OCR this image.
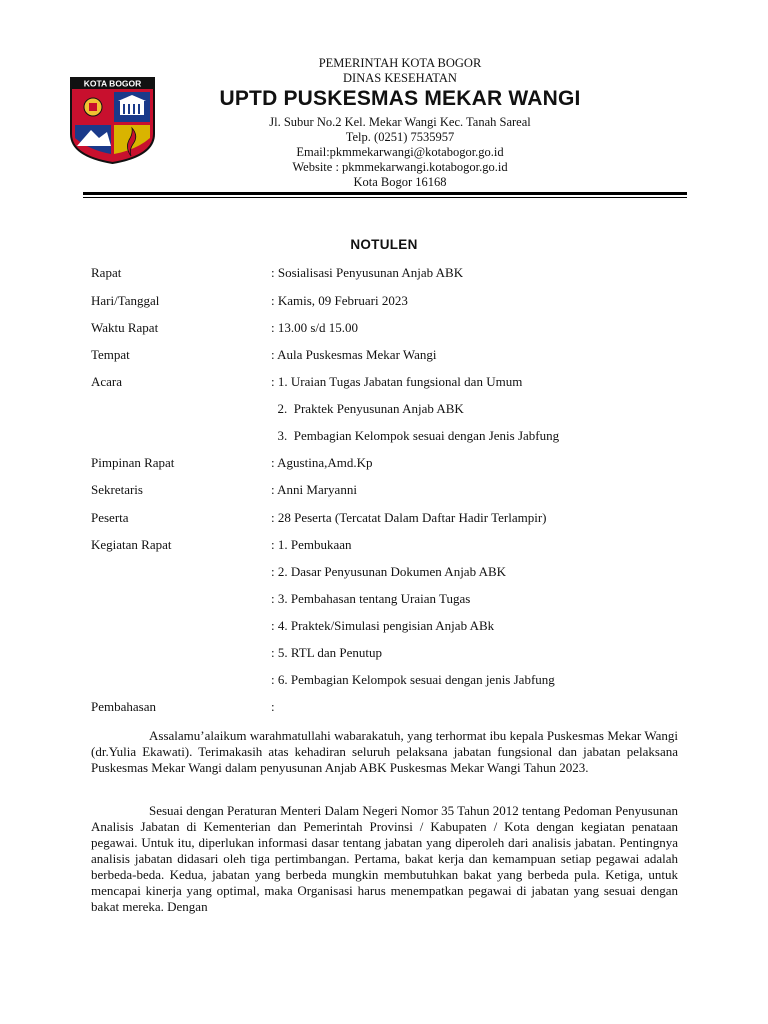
KOTA BOGOR
PEMERINTAH KOTA BOGOR
DINAS KESEHATAN
UPTD PUSKESMAS MEKAR WANGI
Jl. Subur No.2 Kel. Mekar Wangi Kec. Tanah Sareal
Telp. (0251) 7535957
Email:pkmmekarwangi@kotabogor.go.id
Website : pkmmekarwangi.kotabogor.go.id
Kota Bogor 16168
NOTULEN
Rapat	: Sosialisasi Penyusunan Anjab ABK
Hari/Tanggal	: Kamis, 09 Februari 2023
Waktu Rapat	: 13.00 s/d 15.00
Tempat	: Aula Puskesmas Mekar Wangi
Acara	: 1. Uraian Tugas Jabatan fungsional dan Umum
2.  Praktek Penyusunan Anjab ABK
3.  Pembagian Kelompok sesuai dengan Jenis Jabfung
Pimpinan Rapat	: Agustina,Amd.Kp
Sekretaris	: Anni Maryanni
Peserta	: 28 Peserta (Tercatat Dalam Daftar Hadir Terlampir)
Kegiatan Rapat	: 1. Pembukaan
: 2. Dasar Penyusunan Dokumen Anjab ABK
: 3. Pembahasan tentang Uraian Tugas
: 4. Praktek/Simulasi pengisian Anjab ABk
: 5. RTL dan Penutup
: 6. Pembagian Kelompok sesuai dengan jenis Jabfung
Pembahasan	:

Assalamu’alaikum warahmatullahi wabarakatuh, yang terhormat ibu kepala Puskesmas Mekar Wangi (dr.Yulia Ekawati). Terimakasih atas kehadiran seluruh pelaksana jabatan fungsional dan jabatan pelaksana Puskesmas Mekar Wangi dalam penyusunan Anjab ABK Puskesmas Mekar Wangi Tahun 2023.

Sesuai dengan Peraturan Menteri Dalam Negeri Nomor 35 Tahun 2012 tentang Pedoman Penyusunan Analisis Jabatan di Kementerian dan Pemerintah Provinsi / Kabupaten / Kota dengan kegiatan penataan pegawai. Untuk itu, diperlukan informasi dasar tentang jabatan yang diperoleh dari analisis jabatan. Pentingnya analisis jabatan didasari oleh tiga pertimbangan. Pertama, bakat kerja dan kemampuan setiap pegawai adalah berbeda-beda. Kedua, jabatan yang berbeda mungkin membutuhkan bakat yang berbeda pula. Ketiga, untuk mencapai kinerja yang optimal, maka Organisasi harus menempatkan pegawai di jabatan yang sesuai dengan bakat mereka. Dengan
